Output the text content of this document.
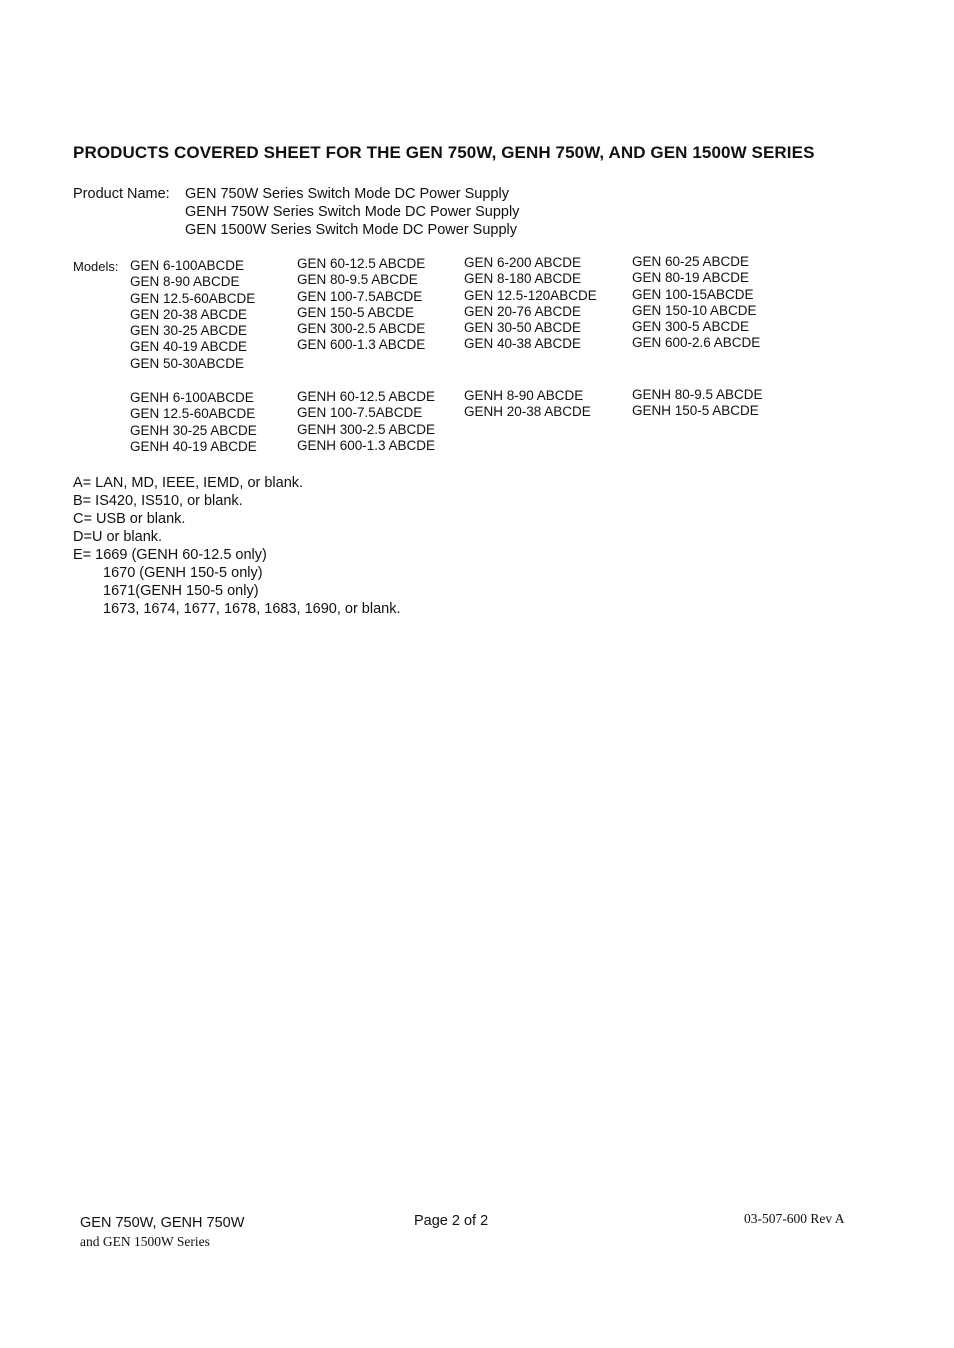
PRODUCTS COVERED SHEET FOR THE GEN 750W, GENH 750W, AND GEN 1500W SERIES
Product Name: GEN 750W Series Switch Mode DC Power Supply
GENH 750W Series Switch Mode DC Power Supply
GEN 1500W Series Switch Mode DC Power Supply
Models: GEN 6-100ABCDE
GEN 8-90 ABCDE
GEN 12.5-60ABCDE
GEN 20-38 ABCDE
GEN 30-25 ABCDE
GEN 40-19 ABCDE
GEN 50-30ABCDE
GEN 60-12.5 ABCDE
GEN 80-9.5 ABCDE
GEN 100-7.5ABCDE
GEN 150-5 ABCDE
GEN 300-2.5 ABCDE
GEN 600-1.3 ABCDE
GEN 6-200 ABCDE
GEN 8-180 ABCDE
GEN 12.5-120ABCDE
GEN 20-76 ABCDE
GEN 30-50 ABCDE
GEN 40-38 ABCDE
GEN 60-25 ABCDE
GEN 80-19 ABCDE
GEN 100-15ABCDE
GEN 150-10 ABCDE
GEN 300-5 ABCDE
GEN 600-2.6 ABCDE
GENH 6-100ABCDE
GEN 12.5-60ABCDE
GENH 30-25 ABCDE
GENH 40-19 ABCDE
GENH 60-12.5 ABCDE
GEN 100-7.5ABCDE
GENH 300-2.5 ABCDE
GENH 600-1.3 ABCDE
GENH 8-90 ABCDE
GENH 20-38 ABCDE
GENH 80-9.5 ABCDE
GENH 150-5 ABCDE
A= LAN, MD, IEEE, IEMD, or blank.
B= IS420, IS510, or blank.
C= USB or blank.
D=U or blank.
E= 1669 (GENH 60-12.5 only)
1670 (GENH 150-5 only)
1671(GENH 150-5 only)
1673, 1674, 1677, 1678, 1683, 1690, or blank.
GEN 750W, GENH 750W
and GEN 1500W Series
Page 2 of 2	03-507-600 Rev A
